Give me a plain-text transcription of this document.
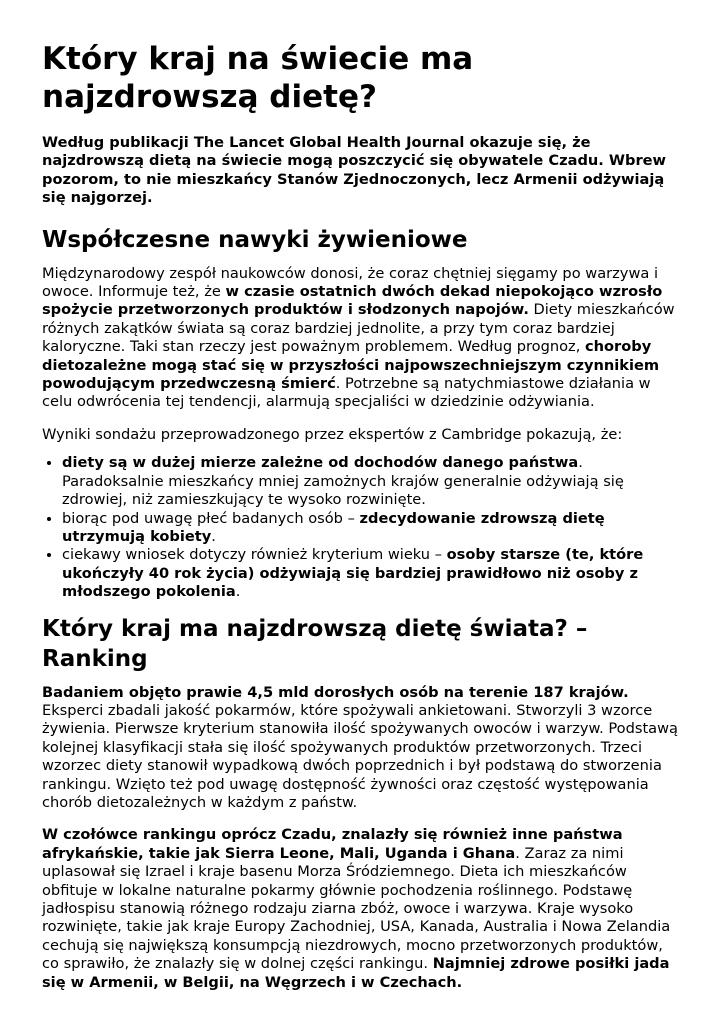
Który kraj na świecie ma najzdrowszą dietę?

Według publikacji The Lancet Global Health Journal okazuje się, że najzdrowszą dietą na świecie mogą poszczycić się obywatele Czadu. Wbrew pozorom, to nie mieszkańcy Stanów Zjednoczonych, lecz Armenii odżywiają się najgorzej.

Współczesne nawyki żywieniowe

Międzynarodowy zespół naukowców donosi, że coraz chętniej sięgamy po warzywa i owoce. Informuje też, że w czasie ostatnich dwóch dekad niepokojąco wzrosło spożycie przetworzonych produktów i słodzonych napojów. Diety mieszkańców różnych zakątków świata są coraz bardziej jednolite, a przy tym coraz bardziej kaloryczne. Taki stan rzeczy jest poważnym problemem. Według prognoz, choroby dietozależne mogą stać się w przyszłości najpowszechniejszym czynnikiem powodującym przedwczesną śmierć. Potrzebne są natychmiastowe działania w celu odwrócenia tej tendencji, alarmują specjaliści w dziedzinie odżywiania.

Wyniki sondażu przeprowadzonego przez ekspertów z Cambridge pokazują, że:

• diety są w dużej mierze zależne od dochodów danego państwa. Paradoksalnie mieszkańcy mniej zamożnych krajów generalnie odżywiają się zdrowiej, niż zamieszkujący te wysoko rozwinięte.
• biorąc pod uwagę płeć badanych osób – zdecydowanie zdrowszą dietę utrzymują kobiety.
• ciekawy wniosek dotyczy również kryterium wieku – osoby starsze (te, które ukończyły 40 rok życia) odżywiają się bardziej prawidłowo niż osoby z młodszego pokolenia.
Który kraj ma najzdrowszą dietę świata? – Ranking

Badaniem objęto prawie 4,5 mld dorosłych osób na terenie 187 krajów. Eksperci zbadali jakość pokarmów, które spożywali ankietowani. Stworzyli 3 wzorce żywienia. Pierwsze kryterium stanowiła ilość spożywanych owoców i warzyw. Podstawą kolejnej klasyfikacji stała się ilość spożywanych produktów przetworzonych. Trzeci wzorzec diety stanowił wypadkową dwóch poprzednich i był podstawą do stworzenia rankingu. Wzięto też pod uwagę dostępność żywności oraz częstość występowania chorób dietozależnych w każdym z państw.

W czołówce rankingu oprócz Czadu, znalazły się również inne państwa afrykańskie, takie jak Sierra Leone, Mali, Uganda i Ghana. Zaraz za nimi uplasował się Izrael i kraje basenu Morza Śródziemnego. Dieta ich mieszkańców obfituje w lokalne naturalne pokarmy głównie pochodzenia roślinnego. Podstawę jadłospisu stanowią różnego rodzaju ziarna zbóż, owoce i warzywa. Kraje wysoko rozwinięte, takie jak kraje Europy Zachodniej, USA, Kanada, Australia i Nowa Zelandia cechują się największą konsumpcją niezdrowych, mocno przetworzonych produktów, co sprawiło, że znalazły się w dolnej części rankingu. Najmniej zdrowe posiłki jada się w Armenii, w Belgii, na Węgrzech i w Czechach.
